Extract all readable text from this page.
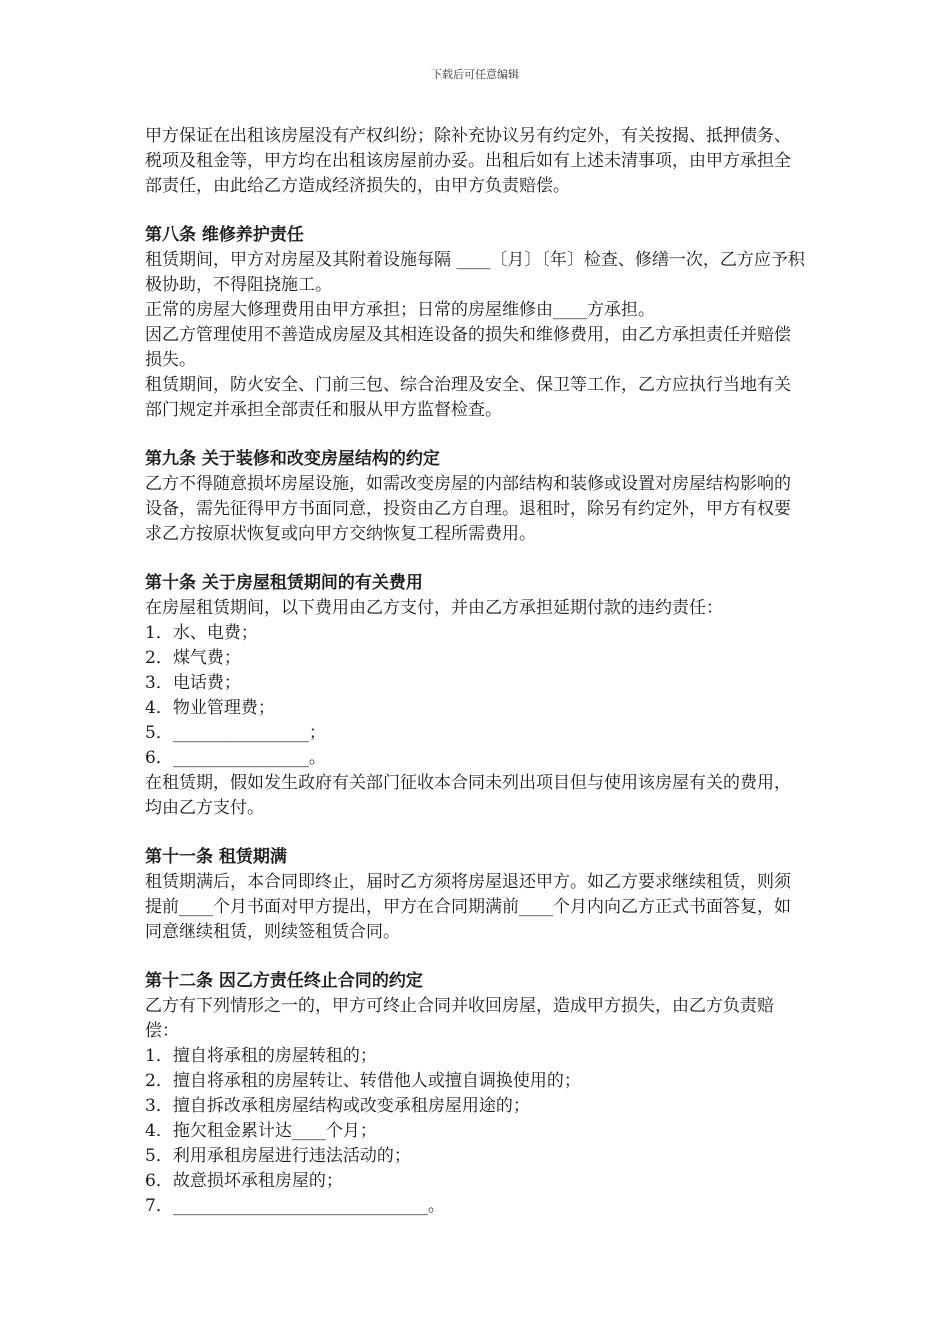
下载后可任意编辑

甲方保证在出租该房屋没有产权纠纷；除补充协议另有约定外，有关按揭、抵押债务、税项及租金等，甲方均在出租该房屋前办妥。出租后如有上述未清事项，由甲方承担全部责任，由此给乙方造成经济损失的，由甲方负责赔偿。

第八条 维修养护责任

租赁期间，甲方对房屋及其附着设施每隔 ____〔月〕〔年〕检查、修缮一次，乙方应予积极协助，不得阻挠施工。

正常的房屋大修理费用由甲方承担；日常的房屋维修由____方承担。

因乙方管理使用不善造成房屋及其相连设备的损失和维修费用，由乙方承担责任并赔偿损失。

租赁期间，防火安全、门前三包、综合治理及安全、保卫等工作，乙方应执行当地有关部门规定并承担全部责任和服从甲方监督检查。

第九条 关于装修和改变房屋结构的约定

乙方不得随意损坏房屋设施，如需改变房屋的内部结构和装修或设置对房屋结构影响的设备，需先征得甲方书面同意，投资由乙方自理。退租时，除另有约定外，甲方有权要求乙方按原状恢复或向甲方交纳恢复工程所需费用。

第十条 关于房屋租赁期间的有关费用

在房屋租赁期间，以下费用由乙方支付，并由乙方承担延期付款的违约责任：

1．水、电费；
2．煤气费；
3．电话费；
4．物业管理费；
5．________________；
6．________________。

在租赁期，假如发生政府有关部门征收本合同未列出项目但与使用该房屋有关的费用，均由乙方支付。

第十一条 租赁期满

租赁期满后，本合同即终止，届时乙方须将房屋退还甲方。如乙方要求继续租赁，则须提前____个月书面对甲方提出，甲方在合同期满前____个月内向乙方正式书面答复，如同意继续租赁，则续签租赁合同。

第十二条 因乙方责任终止合同的约定

乙方有下列情形之一的，甲方可终止合同并收回房屋，造成甲方损失，由乙方负责赔偿：

1．擅自将承租的房屋转租的；
2．擅自将承租的房屋转让、转借他人或擅自调换使用的；
3．擅自拆改承租房屋结构或改变承租房屋用途的；
4．拖欠租金累计达____个月；
5．利用承租房屋进行违法活动的；
6．故意损坏承租房屋的；
7．______________________________。
